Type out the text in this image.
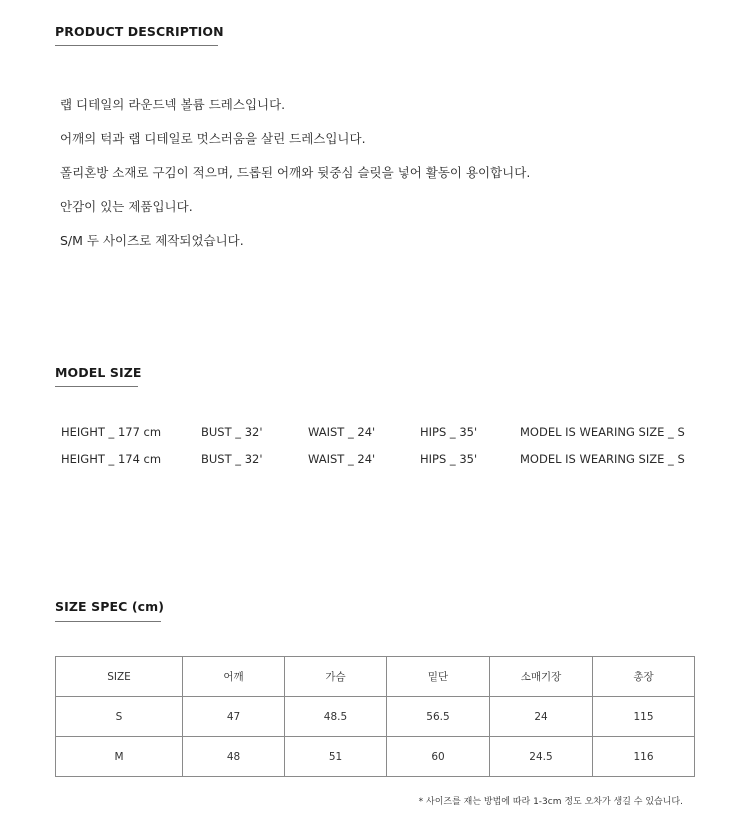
PRODUCT DESCRIPTION

랩 디테일의 라운드넥 볼륨 드레스입니다.

어깨의 턱과 랩 디테일로 멋스러움을 살린 드레스입니다.

폴리혼방 소재로 구김이 적으며, 드롭된 어깨와 뒷중심 슬릿을 넣어 활동이 용이합니다.

안감이 있는 제품입니다.

S/M 두 사이즈로 제작되었습니다.

MODEL SIZE
HEIGHT _ 177 cm	BUST _ 32'	WAIST _ 24'	HIPS _ 35'	MODEL IS WEARING SIZE _ S
HEIGHT _ 174 cm	BUST _ 32'	WAIST _ 24'	HIPS _ 35'	MODEL IS WEARING SIZE _ S
SIZE SPEC (cm)
SIZE	어깨	가슴	밑단	소매기장	총장
S	47	48.5	56.5	24	115
M	48	51	60	24.5	116
* 사이즈를 재는 방법에 따라 1-3cm 정도 오차가 생길 수 있습니다.
